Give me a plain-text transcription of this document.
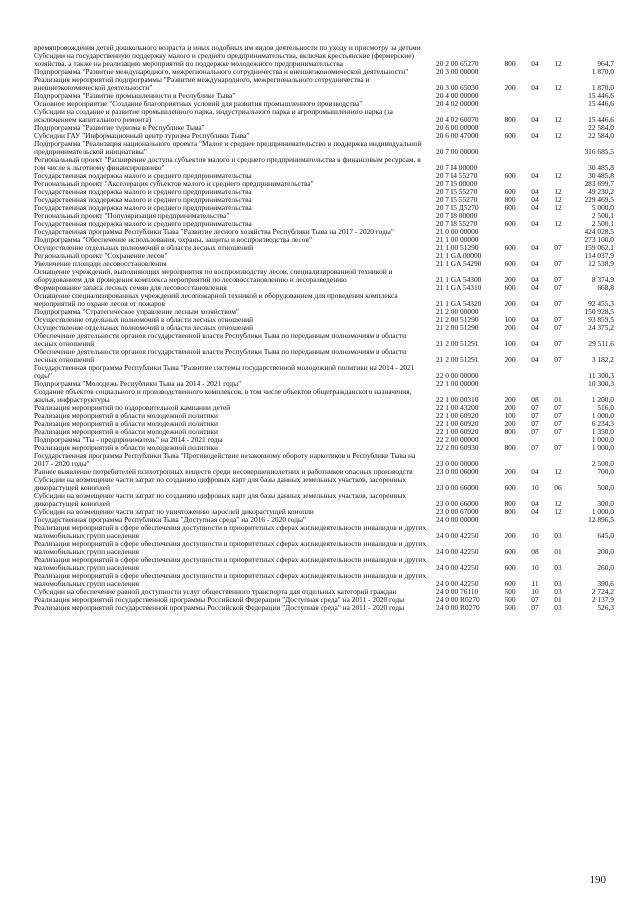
времяпровождения детей дошкольного возраста и иных подобных им видов деятельности по уходу и присмотру за детьми					
Субсидии на государственную поддержку малого и среднего предпринимательства, включая крестьянские (фермерские) хозяйства, а также на реализацию мероприятий по поддержке молодежного предпринимательства	20 2 00 65270	800	04	12	964,7
Подпрограмма "Развитие международного, межрегионального сотрудничества и внешнеэкономической деятельности"	20 3 00 00000				1 870,0
Реализация мероприятий подпрограммы "Развитие международного, межрегионального сотрудничества и внешнеэкономической деятельности"	20 3 00 65030	200	04	12	1 870,0
Подпрограмма "Развитие промышленности в Республике Тыва"	20 4 00 00000				15 446,6
Основное мероприятие "Создание благоприятных условий для развития промышленного производства"	20 4 02 00000				15 446,6
Субсидии на создание и развитие промышленного парка, индустриального парка и агропромышленного парка (за исключением капитального ремонта)	20 4 02 60070	800	04	12	15 446,6
Подпрограмма "Развитие туризма в Республике Тыва"	20 6 00 00000				22 584,0
Субсидии ГАУ "Информационный центр туризма Республики Тыва"	20 6 00 47000	600	04	12	22 584,0
Подпрограмма "Реализация национального проекта "Малое и среднее предпринимательство и поддержка индивидуальной предпринимательской инициативы"	20 7 00 00000				316 685,5
Региональный проект "Расширение доступа субъектов малого и среднего предпринимательства к финансовым ресурсам, в том числе к льготному финансированию"	20 7 I4 00000				30 485,8
Государственная поддержка малого и среднего предпринимательства	20 7 I4 55270	600	04	12	30 485,8
Региональный проект "Акселерация субъектов малого и среднего предпринимательства"	20 7 I5 00000				283 699,7
Государственная поддержка малого и среднего предпринимательства	20 7 I5 55270	600	04	12	49 230,2
Государственная поддержка малого и среднего предпринимательства	20 7 I5 55270	800	04	12	229 469,5
Государственная поддержка малого и среднего предпринимательства	20 7 I5 Д5270	600	04	12	5 000,0
Региональный проект "Популяризация предпринимательства"	20 7 I8 00000				2 500,1
Государственная поддержка малого и среднего предпринимательства	20 7 I8 55270	600	04	12	2 500,1
Государственная программа Республики Тыва "Развитие лесного хозяйства Республики Тыва на 2017 - 2020 годы"	21 0 00 00000				424 028,5
Подпрограмма "Обеспечение использования, охраны, защиты и воспроизводства лесов"	21 1 00 00000				273 100,0
Осуществление отдельных полномочий в области лесных отношений	21 1 00 51290	600	04	07	159 062,1
Региональный проект "Сохранение лесов"	21 1 GA 00000				114 037,9
Увеличение площади лесовосстановления	21 1 GA 54290	600	04	07	12 538,9
Оснащение учреждений, выполняющих мероприятия по воспроизводству лесов, специализированной техникой и оборудованием для проведения комплекса мероприятий по лесовосстановлению и лесоразведению	21 1 GA 54300	200	04	07	8 374,9
Формирование запаса лесных семян для лесовосстановления	21 1 GA 54310	600	04	07	668,8
Оснащение специализированных учреждений лесопожарной техникой и оборудованием для проведения комплекса мероприятий по охране лесов от пожаров	21 1 GA 54320	200	04	07	92 455,3
Подпрограмма "Стратегическое управление лесным хозяйством"	21 2 00 00000				150 928,5
Осуществление отдельных полномочий в области лесных отношений	21 2 00 51290	100	04	07	93 859,5
Осуществление отдельных полномочий в области лесных отношений	21 2 00 51290	200	04	07	24 375,2
Обеспечение деятельности органов государственной власти Республики Тыва по переданным полномочиям в области лесных отношений	21 2 00 51291	100	04	07	29 511,6
Обеспечение деятельности органов государственной власти Республики Тыва по переданным полномочиям в области лесных отношений	21 2 00 51291	200	04	07	3 182,2
Государственная программа Республики Тыва "Развитие системы государственной молодежной политики на 2014 - 2021 годы"	22 0 00 00000				11 300,3
Подпрограмма "Молодежь Республики Тыва на 2014 - 2021 годы"	22 1 00 00000				10 300,3
Создание объектов социального и производственного комплексов, в том числе объектов общегражданского назначения, жилья, инфраструктуры	22 1 00 00310	200	08	01	1 200,0
Реализация мероприятий по оздоровительной кампании детей	22 1 00 43200	200	07	07	516,0
Реализация мероприятий в области молодежной политики	22 1 00 60920	100	07	07	1 000,0
Реализация мероприятий в области молодежной политики	22 1 00 60920	200	07	07	6 234,3
Реализация мероприятий в области молодежной политики	22 1 00 60920	800	07	07	1 350,0
Подпрограмма "Ты - предприниматель" на 2014 - 2021 годы	22 2 00 00000				1 000,0
Реализация мероприятий в области молодежной политики	22 2 00 60930	800	07	07	1 000,0
Государственная программа Республики Тыва "Противодействие незаконному обороту наркотиков в Республике Тыва на 2017 - 2020 годы"	23 0 00 00000				2 500,0
Раннее выявление потребителей психотропных веществ среди несовершеннолетних и работников опасных производств	23 0 00 06000	200	04	12	700,0
Субсидии на возмещение части затрат по созданию цифровых карт для базы данных земельных участков, засоренных дикорастущей коноплей	23 0 00 66000	600	10	06	500,0
Субсидии на возмещение части затрат по созданию цифровых карт для базы данных земельных участков, засоренных дикорастущей коноплей	23 0 00 66000	800	04	12	300,0
Субсидии на возмещение части затрат по уничтожению зарослей дикорастущей конопли	23 0 00 67000	800	04	12	1 000,0
Государственная программа Республики Тыва "Доступная среда" на 2016 - 2020 годы"	24 0 00 00000				12 896,5
Реализация мероприятий в сфере обеспечения доступности в приоритетных сферах жизнедеятельности инвалидов и других маломобильных групп населения	24 0 00 42250	200	10	03	645,0
Реализация мероприятий в сфере обеспечения доступности в приоритетных сферах жизнедеятельности инвалидов и других маломобильных групп населения	24 0 00 42250	600	08	01	200,0
Реализация мероприятий в сфере обеспечения доступности в приоритетных сферах жизнедеятельности инвалидов и других маломобильных групп населения	24 0 00 42250	600	10	03	260,0
Реализация мероприятий в сфере обеспечения доступности в приоритетных сферах жизнедеятельности инвалидов и других маломобильных групп населения	24 0 00 42250	600	11	03	390,6
Субсидии на обеспечение равной доступности услуг общественного транспорта для отдельных категорий граждан	24 0 00 76110	500	10	03	2 724,2
Реализация мероприятий государственной программы Российской Федерации "Доступная среда" на 2011 - 2020 годы	24 0 00 R0270	500	07	01	2 137,9
Реализация мероприятий государственной программы Российской Федерации "Доступная среда" на 2011 - 2020 годы	24 0 00 R0270	500	07	03	526,3
190
